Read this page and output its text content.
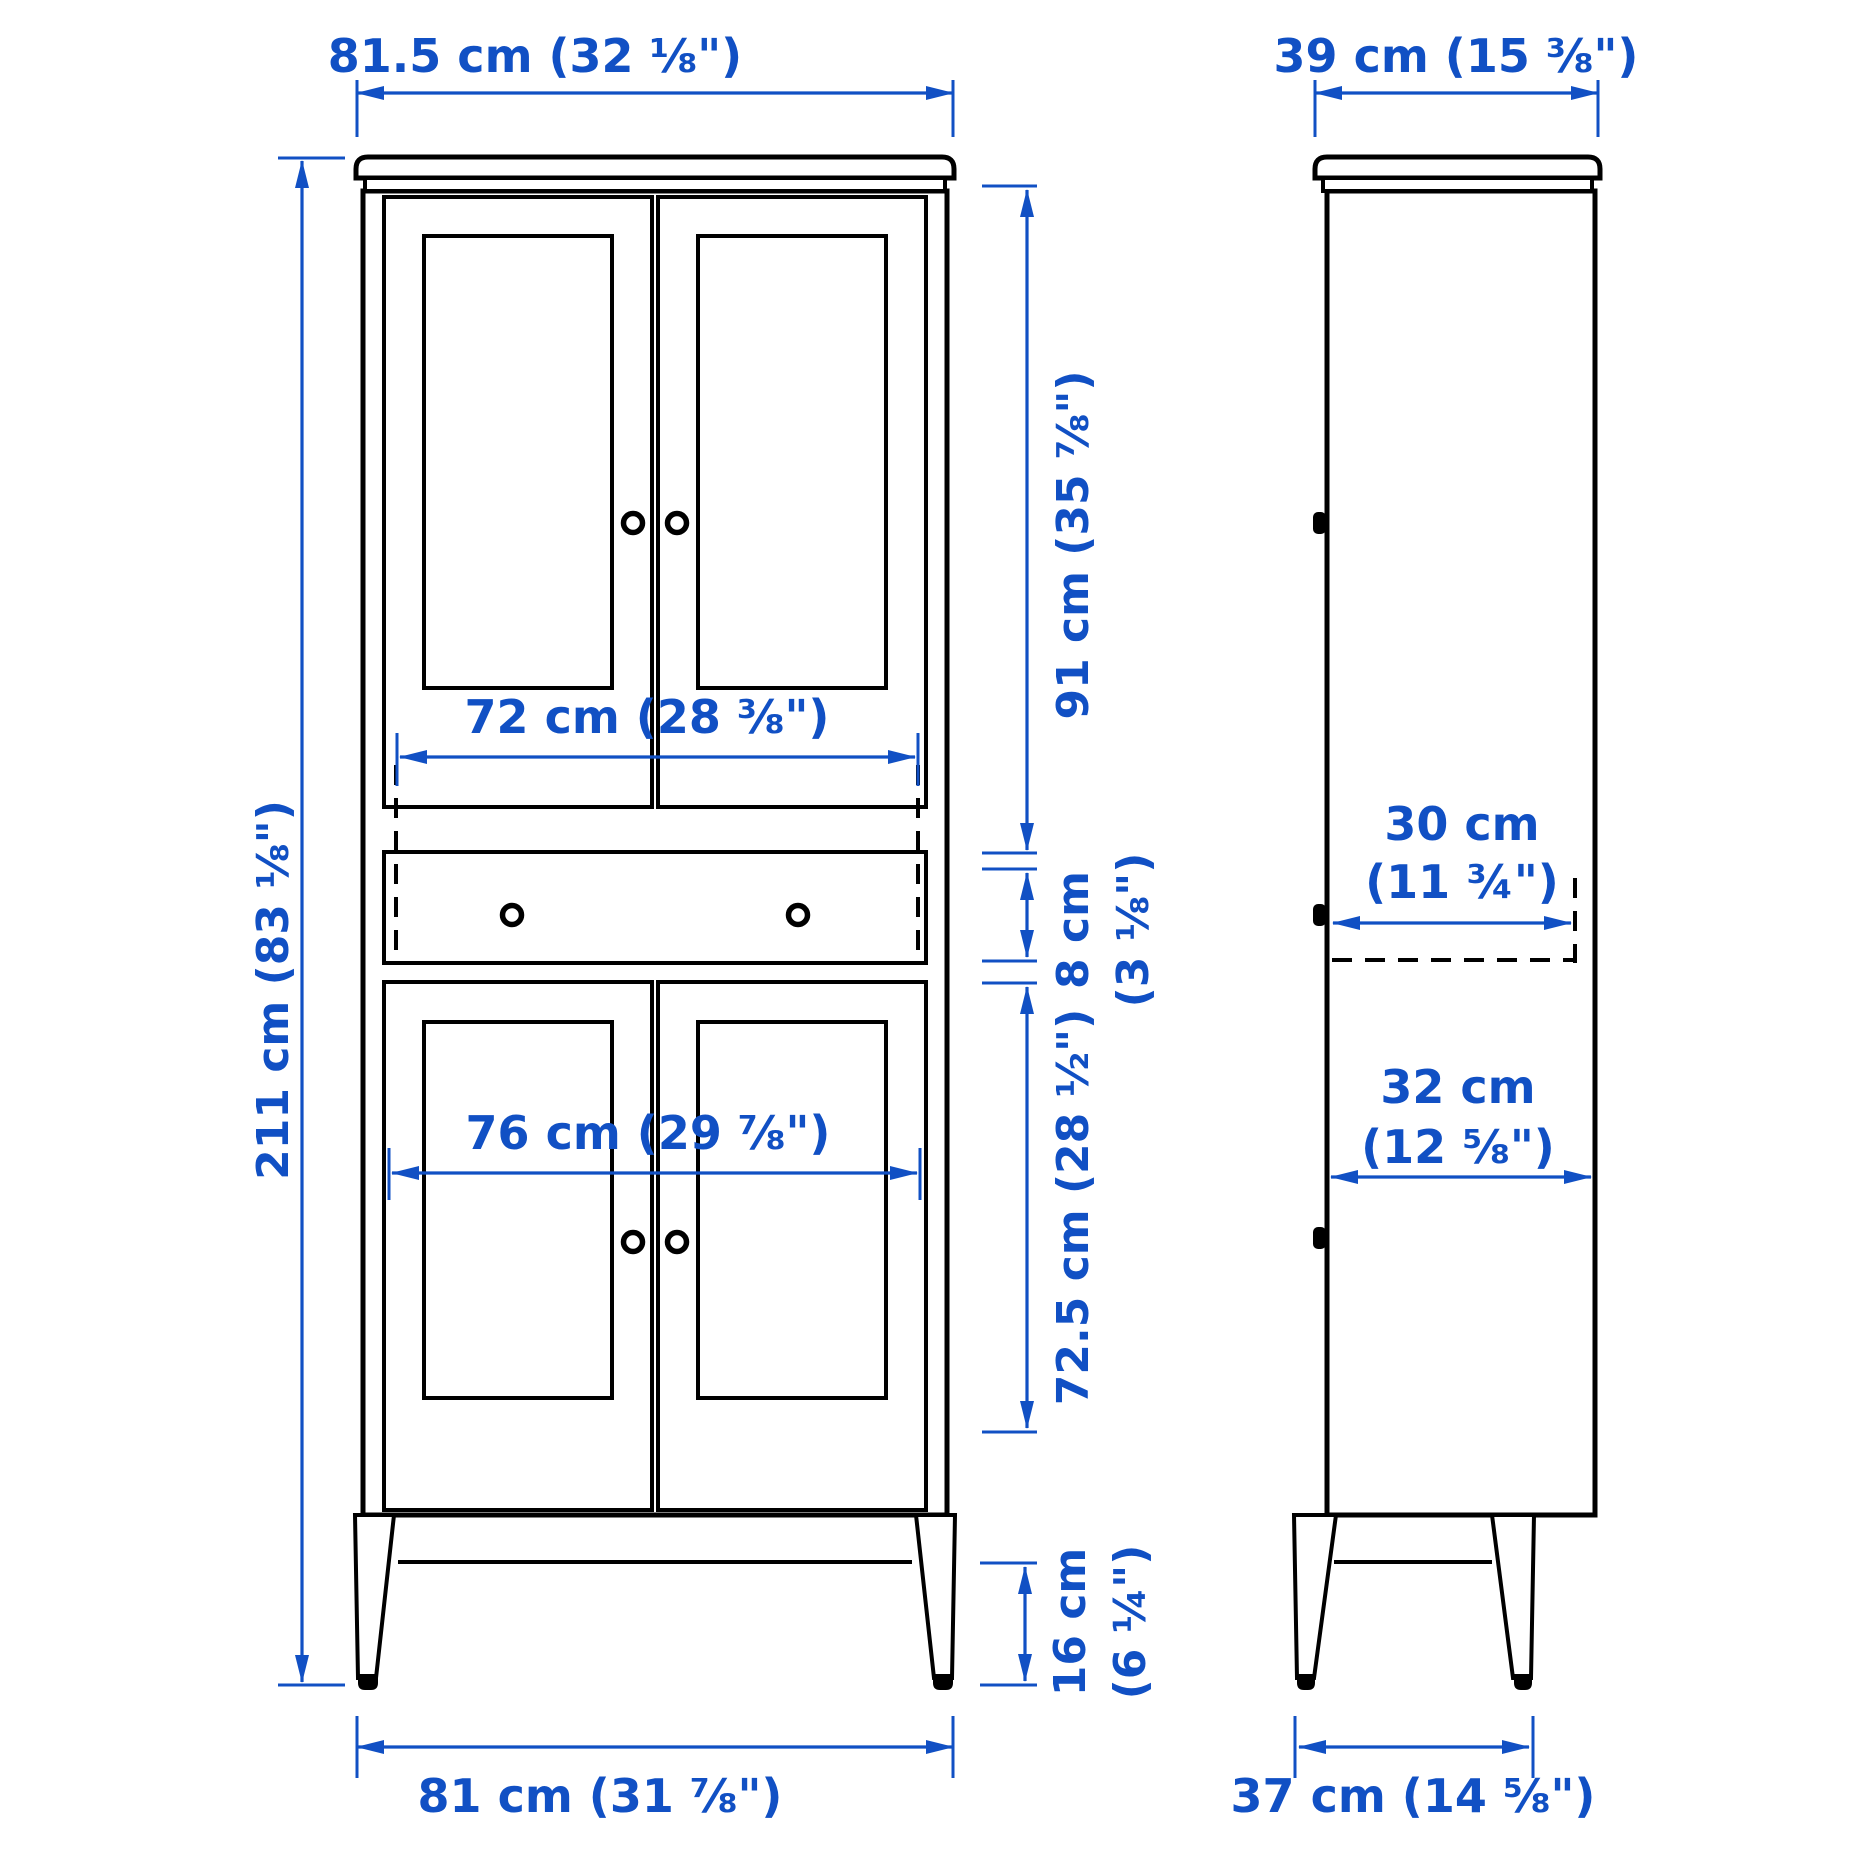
81.5 cm (32 ⅛")
211 cm (83 ⅛")
91 cm (35 ⅞")
72 cm (28 ⅜")
8 cm (3 ⅛")
76 cm (29 ⅞")	72.5 cm (28 ½")
16 cm (6 ¼")
81 cm (31 ⅞")
39 cm (15 ⅜")
30 cm
(11 ¾")
32 cm
(12 ⅝")
37 cm (14 ⅝")
